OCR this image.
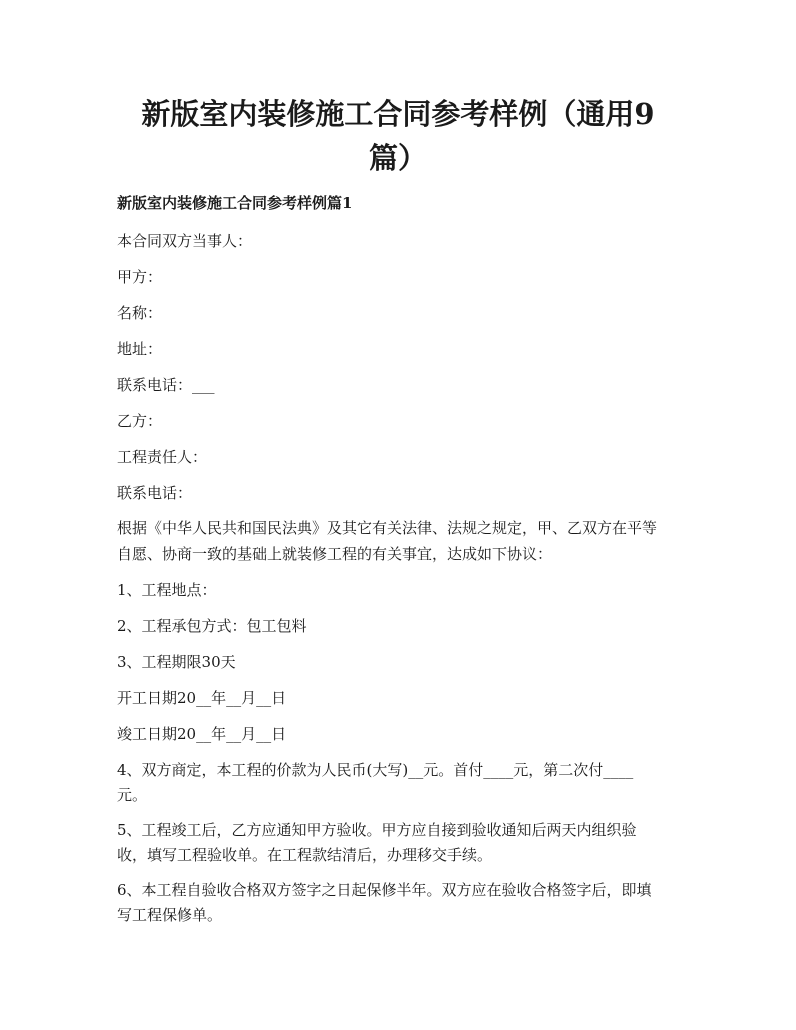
新版室内装修施工合同参考样例（通用9
篇）
新版室内装修施工合同参考样例篇1
本合同双方当事人：
甲方：
名称：
地址：
联系电话：___
乙方：
工程责任人：
联系电话：
根据《中华人民共和国民法典》及其它有关法律、法规之规定，甲、乙双方在平等
自愿、协商一致的基础上就装修工程的有关事宜，达成如下协议：
1、工程地点：
2、工程承包方式：包工包料
3、工程期限30天
开工日期20__年__月__日
竣工日期20__年__月__日
4、双方商定，本工程的价款为人民币(大写)__元。首付____元，第二次付____
元。
5、工程竣工后，乙方应通知甲方验收。甲方应自接到验收通知后两天内组织验
收，填写工程验收单。在工程款结清后，办理移交手续。
6、本工程自验收合格双方签字之日起保修半年。双方应在验收合格签字后，即填
写工程保修单。
